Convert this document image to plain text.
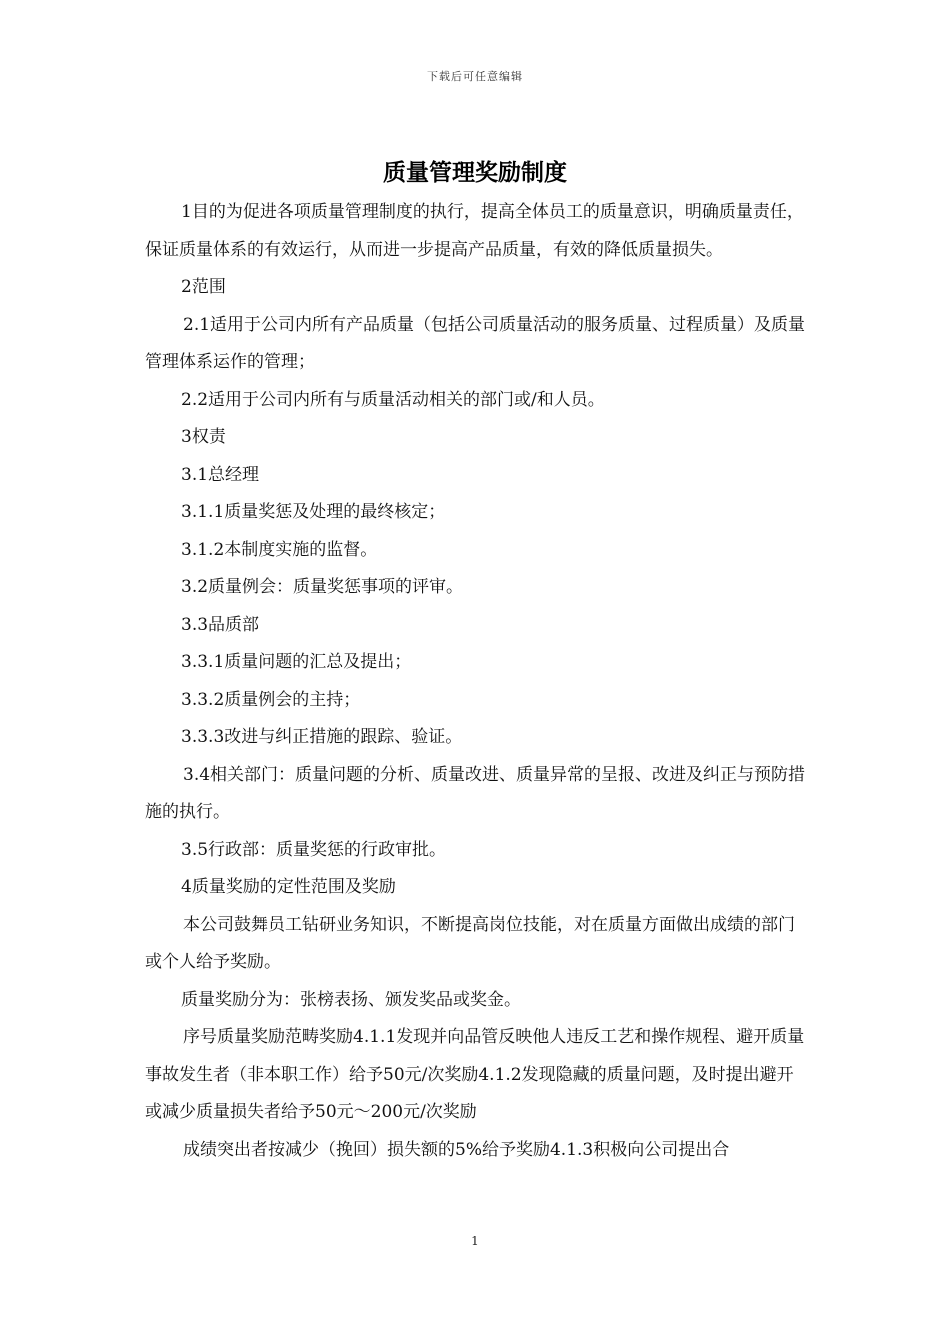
下载后可任意编辑
质量管理奖励制度

1目的为促进各项质量管理制度的执行，提高全体员工的质量意识，明确质量责任，保证质量体系的有效运行，从而进一步提高产品质量，有效的降低质量损失。

2范围

2.1适用于公司内所有产品质量（包括公司质量活动的服务质量、过程质量）及质量管理体系运作的管理；

2.2适用于公司内所有与质量活动相关的部门或/和人员。

3权责

3.1总经理

3.1.1质量奖惩及处理的最终核定；

3.1.2本制度实施的监督。

3.2质量例会：质量奖惩事项的评审。

3.3品质部

3.3.1质量问题的汇总及提出；

3.3.2质量例会的主持；

3.3.3改进与纠正措施的跟踪、验证。

3.4相关部门：质量问题的分析、质量改进、质量异常的呈报、改进及纠正与预防措施的执行。

3.5行政部：质量奖惩的行政审批。

4质量奖励的定性范围及奖励

本公司鼓舞员工钻研业务知识，不断提高岗位技能，对在质量方面做出成绩的部门或个人给予奖励。

质量奖励分为：张榜表扬、颁发奖品或奖金。

序号质量奖励范畴奖励4.1.1发现并向品管反映他人违反工艺和操作规程、避开质量事故发生者（非本职工作）给予50元/次奖励4.1.2发现隐藏的质量问题，及时提出避开或减少质量损失者给予50元～200元/次奖励

成绩突出者按减少（挽回）损失额的5%给予奖励4.1.3积极向公司提出合

1
